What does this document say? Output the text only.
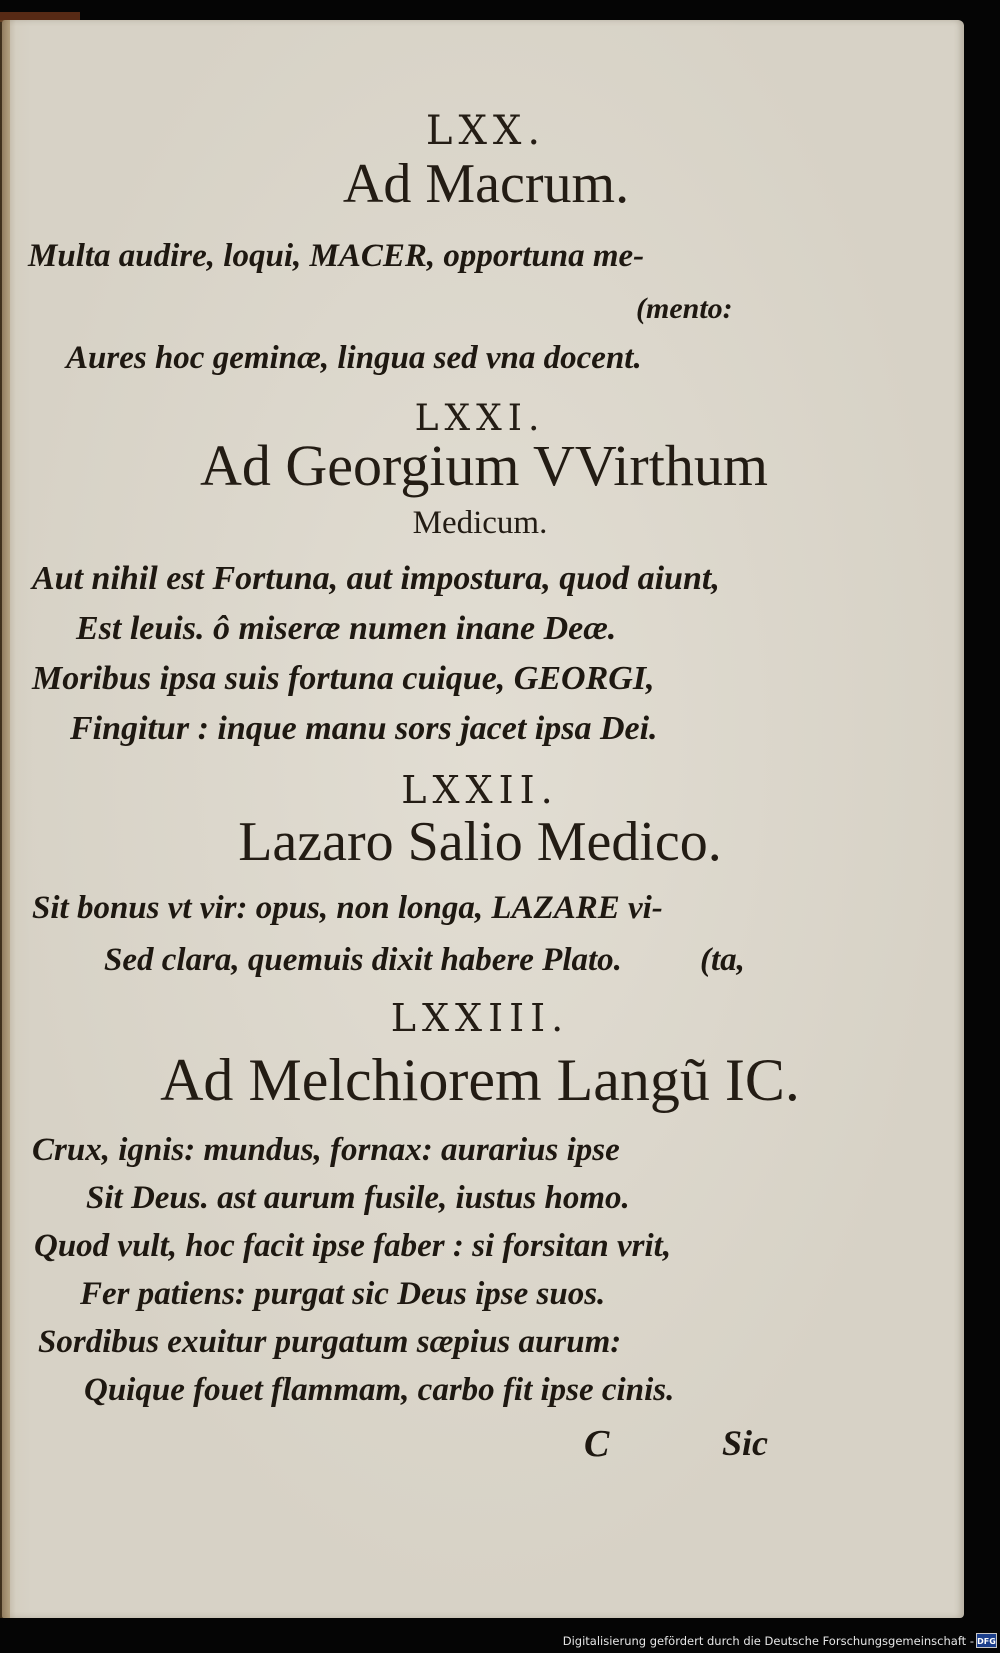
LXX.
Ad Macrum.
Multa audire, loqui, MACER, opportuna me-
(mento:
Aures hoc geminæ, lingua sed vna docent.
LXXI.
Ad Georgium VVirthum
Medicum.
Aut nihil est Fortuna, aut impostura, quod aiunt,
Est leuis. ô miseræ numen inane Deæ.
Moribus ipsa suis fortuna cuique, GEORGI,
Fingitur : inque manu sors jacet ipsa Dei.
LXXII.
Lazaro Salio Medico.
Sit bonus vt vir: opus, non longa, LAZARE vi-
Sed clara, quemuis dixit habere Plato. (ta,
LXXIII.
Ad Melchiorem Langũ IC.
Crux, ignis: mundus, fornax: aurarius ipse
Sit Deus. ast aurum fusile, iustus homo.
Quod vult, hoc facit ipse faber : si forsitan vrit,
Fer patiens: purgat sic Deus ipse suos.
Sordibus exuitur purgatum sæpius aurum:
Quique fouet flammam, carbo fit ipse cinis.
C	Sic
Digitalisierung gefördert durch die Deutsche Forschungsgemeinschaft - DFG
